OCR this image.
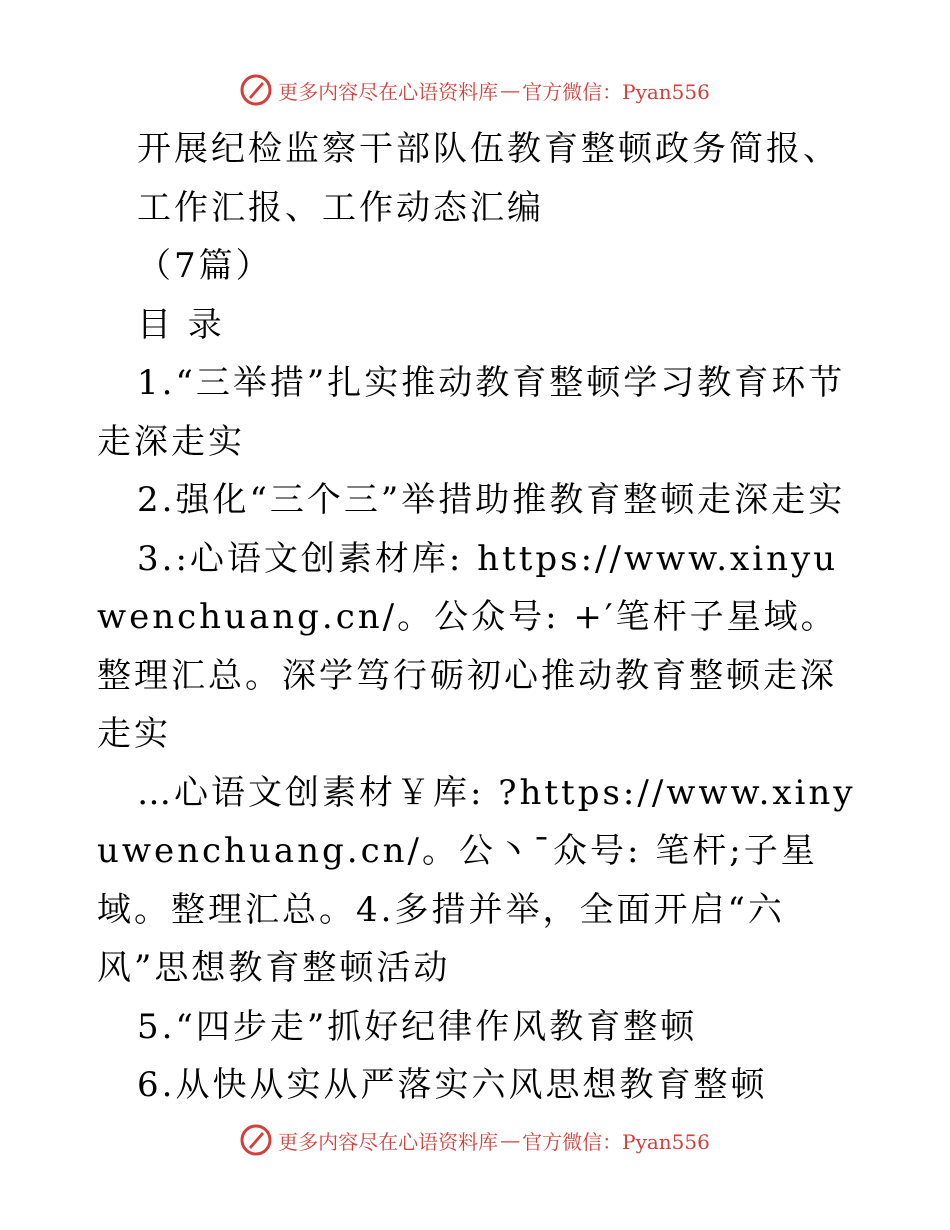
更多内容尽在心语资料库 — 官方微信：Pyan556

开展纪检监察干部队伍教育整顿政务简报、

工作汇报、工作动态汇编

（7篇）

目 录

1.“三举措”扎实推动教育整顿学习教育环节走深走实

2.强化“三个三”举措助推教育整顿走深走实

3.:心语文创素材库: https://www.xinyuwenchuang.cn/。公众号: +′笔杆子星域。整理汇总。深学笃行砺初心推动教育整顿走深走实

…心语文创素材￥库: ?https://www.xinyuwenchuang.cn/。公丶¯众号: 笔杆;子星域。整理汇总。4.多措并举，全面开启“六风”思想教育整顿活动

5.“四步走”抓好纪律作风教育整顿

6.从快从实从严落实六风思想教育整顿

更多内容尽在心语资料库 — 官方微信：Pyan556
